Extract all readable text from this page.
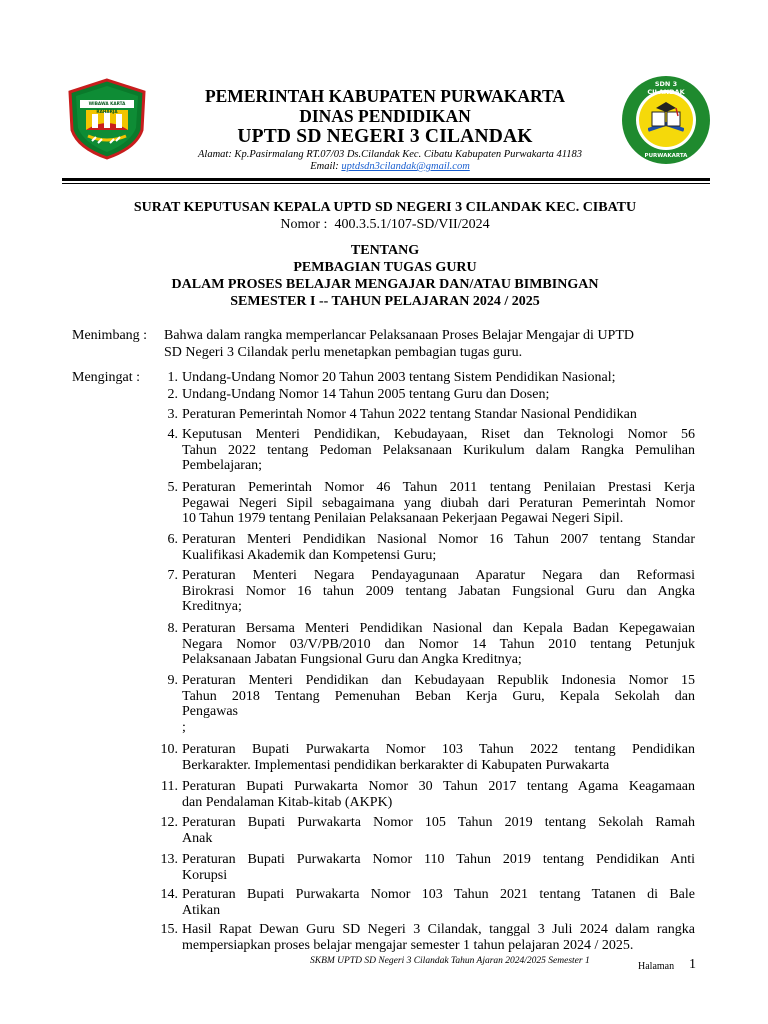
WIBAWA KARTA RAHARJA
SDN 3 CILANDAK
PURWAKARTA
PEMERINTAH KABUPATEN PURWAKARTA
DINAS PENDIDIKAN
UPTD SD NEGERI 3 CILANDAK
Alamat: Kp.Pasirmalang RT.07/03 Ds.Cilandak Kec. Cibatu Kabupaten Purwakarta 41183
Email: uptdsdn3cilandak@gmail.com
SURAT KEPUTUSAN KEPALA UPTD SD NEGERI 3 CILANDAK KEC. CIBATU
Nomor : 400.3.5.1/107-SD/VII/2024
TENTANG
PEMBAGIAN TUGAS GURU
DALAM PROSES BELAJAR MENGAJAR DAN/ATAU BIMBINGAN
SEMESTER I -- TAHUN PELAJARAN 2024 / 2025
Menimbang : Bahwa dalam rangka memperlancar Pelaksanaan Proses Belajar Mengajar di UPTD
SD Negeri 3 Cilandak perlu menetapkan pembagian tugas guru.
Mengingat :	1. Undang-Undang Nomor 20 Tahun 2003 tentang Sistem Pendidikan Nasional;
2. Undang-Undang Nomor 14 Tahun 2005 tentang Guru dan Dosen;
3. Peraturan Pemerintah Nomor 4 Tahun 2022 tentang Standar Nasional Pendidikan
4. Keputusan Menteri Pendidikan, Kebudayaan, Riset dan Teknologi Nomor 56
Tahun 2022 tentang Pedoman Pelaksanaan Kurikulum dalam Rangka Pemulihan
Pembelajaran;
5. Peraturan Pemerintah Nomor 46 Tahun 2011 tentang Penilaian Prestasi Kerja
Pegawai Negeri Sipil sebagaimana yang diubah dari Peraturan Pemerintah Nomor
10 Tahun 1979 tentang Penilaian Pelaksanaan Pekerjaan Pegawai Negeri Sipil.
6. Peraturan Menteri Pendidikan Nasional Nomor 16 Tahun 2007 tentang Standar
Kualifikasi Akademik dan Kompetensi Guru;
7. Peraturan Menteri Negara Pendayagunaan Aparatur Negara dan Reformasi
Birokrasi Nomor 16 tahun 2009 tentang Jabatan Fungsional Guru dan Angka
Kreditnya;
8. Peraturan Bersama Menteri Pendidikan Nasional dan Kepala Badan Kepegawaian
Negara Nomor 03/V/PB/2010 dan Nomor 14 Tahun 2010 tentang Petunjuk
Pelaksanaan Jabatan Fungsional Guru dan Angka Kreditnya;
9. Peraturan Menteri Pendidikan dan Kebudayaan Republik Indonesia Nomor 15
Tahun 2018 Tentang Pemenuhan Beban Kerja Guru, Kepala Sekolah dan
Pengawas
;
10. Peraturan Bupati Purwakarta Nomor 103 Tahun 2022 tentang Pendidikan
Berkarakter. Implementasi pendidikan berkarakter di Kabupaten Purwakarta
11. Peraturan Bupati Purwakarta Nomor 30 Tahun 2017 tentang Agama Keagamaan
dan Pendalaman Kitab-kitab (AKPK)
12. Peraturan Bupati Purwakarta Nomor 105 Tahun 2019 tentang Sekolah Ramah
Anak
13. Peraturan Bupati Purwakarta Nomor 110 Tahun 2019 tentang Pendidikan Anti
Korupsi
14. Peraturan Bupati Purwakarta Nomor 103 Tahun 2021 tentang Tatanen di Bale
Atikan
15. Hasil Rapat Dewan Guru SD Negeri 3 Cilandak, tanggal 3 Juli 2024 dalam rangka
mempersiapkan proses belajar mengajar semester 1 tahun pelajaran 2024 / 2025.
SKBM UPTD SD Negeri 3 Cilandak Tahun Ajaran 2024/2025 Semester 1	Halaman 1
